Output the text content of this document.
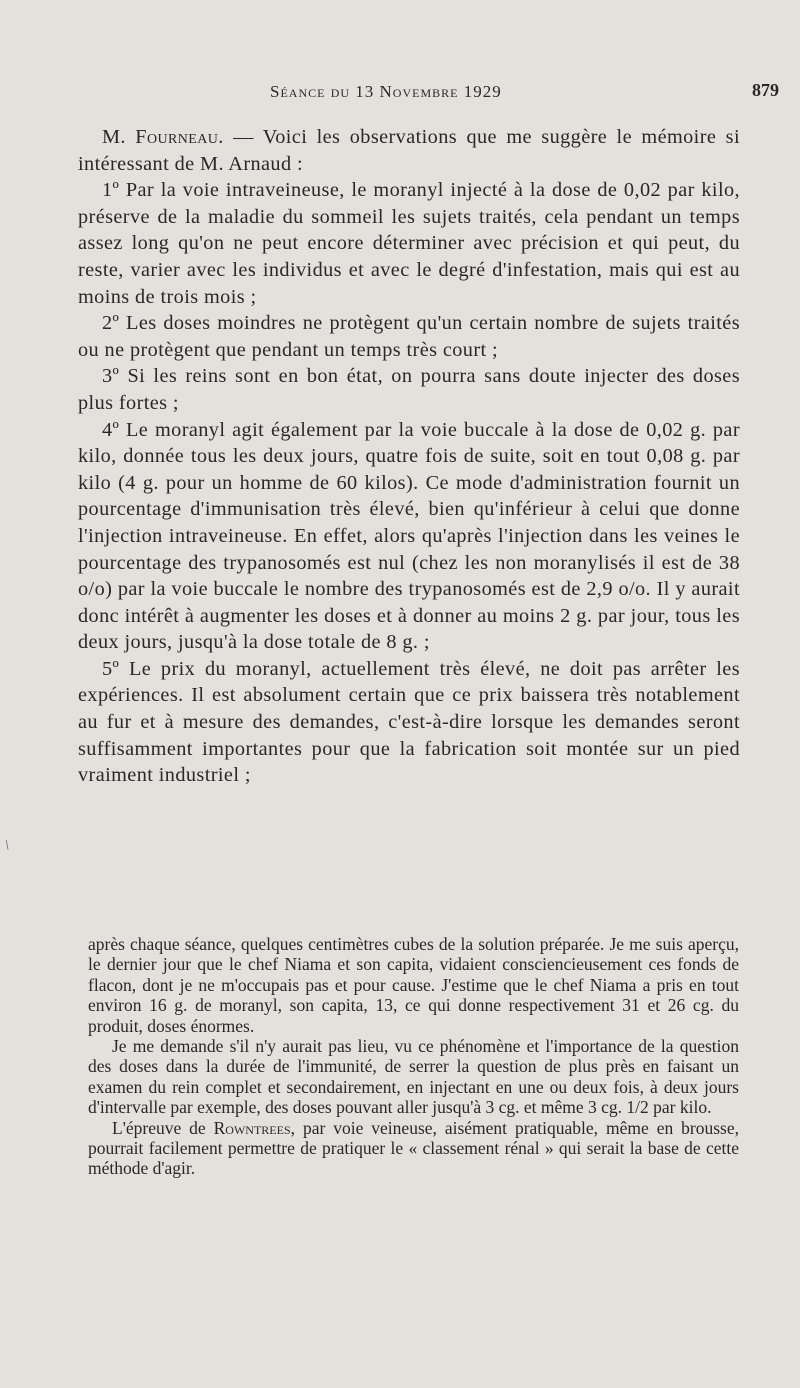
Séance du 13 Novembre 1929	879

M. Fourneau. — Voici les observations que me suggère le mémoire si intéressant de M. Arnaud :

1º Par la voie intraveineuse, le moranyl injecté à la dose de 0,02 par kilo, préserve de la maladie du sommeil les sujets traités, cela pendant un temps assez long qu'on ne peut encore déterminer avec précision et qui peut, du reste, varier avec les individus et avec le degré d'infestation, mais qui est au moins de trois mois ;

2º Les doses moindres ne protègent qu'un certain nombre de sujets traités ou ne protègent que pendant un temps très court ;

3º Si les reins sont en bon état, on pourra sans doute injecter des doses plus fortes ;

4º Le moranyl agit également par la voie buccale à la dose de 0,02 g. par kilo, donnée tous les deux jours, quatre fois de suite, soit en tout 0,08 g. par kilo (4 g. pour un homme de 60 kilos). Ce mode d'administration fournit un pourcentage d'immunisation très élevé, bien qu'inférieur à celui que donne l'injection intraveineuse. En effet, alors qu'après l'injection dans les veines le pourcentage des trypanosomés est nul (chez les non moranylisés il est de 38 o/o) par la voie buccale le nombre des trypanosomés est de 2,9 o/o. Il y aurait donc intérêt à augmenter les doses et à donner au moins 2 g. par jour, tous les deux jours, jusqu'à la dose totale de 8 g. ;

5º Le prix du moranyl, actuellement très élevé, ne doit pas arrêter les expériences. Il est absolument certain que ce prix baissera très notablement au fur et à mesure des demandes, c'est-à-dire lorsque les demandes seront suffisamment importantes pour que la fabrication soit montée sur un pied vraiment industriel ;

/

après chaque séance, quelques centimètres cubes de la solution préparée. Je me suis aperçu, le dernier jour que le chef Niama et son capita, vidaient consciencieusement ces fonds de flacon, dont je ne m'occupais pas et pour cause. J'estime que le chef Niama a pris en tout environ 16 g. de moranyl, son capita, 13, ce qui donne respectivement 31 et 26 cg. du produit, doses énormes.

Je me demande s'il n'y aurait pas lieu, vu ce phénomène et l'importance de la question des doses dans la durée de l'immunité, de serrer la question de plus près en faisant un examen du rein complet et secondairement, en injectant en une ou deux fois, à deux jours d'intervalle par exemple, des doses pouvant aller jusqu'à 3 cg. et même 3 cg. 1/2 par kilo.

L'épreuve de Rowntrees, par voie veineuse, aisément pratiquable, même en brousse, pourrait facilement permettre de pratiquer le « classement rénal » qui serait la base de cette méthode d'agir.
